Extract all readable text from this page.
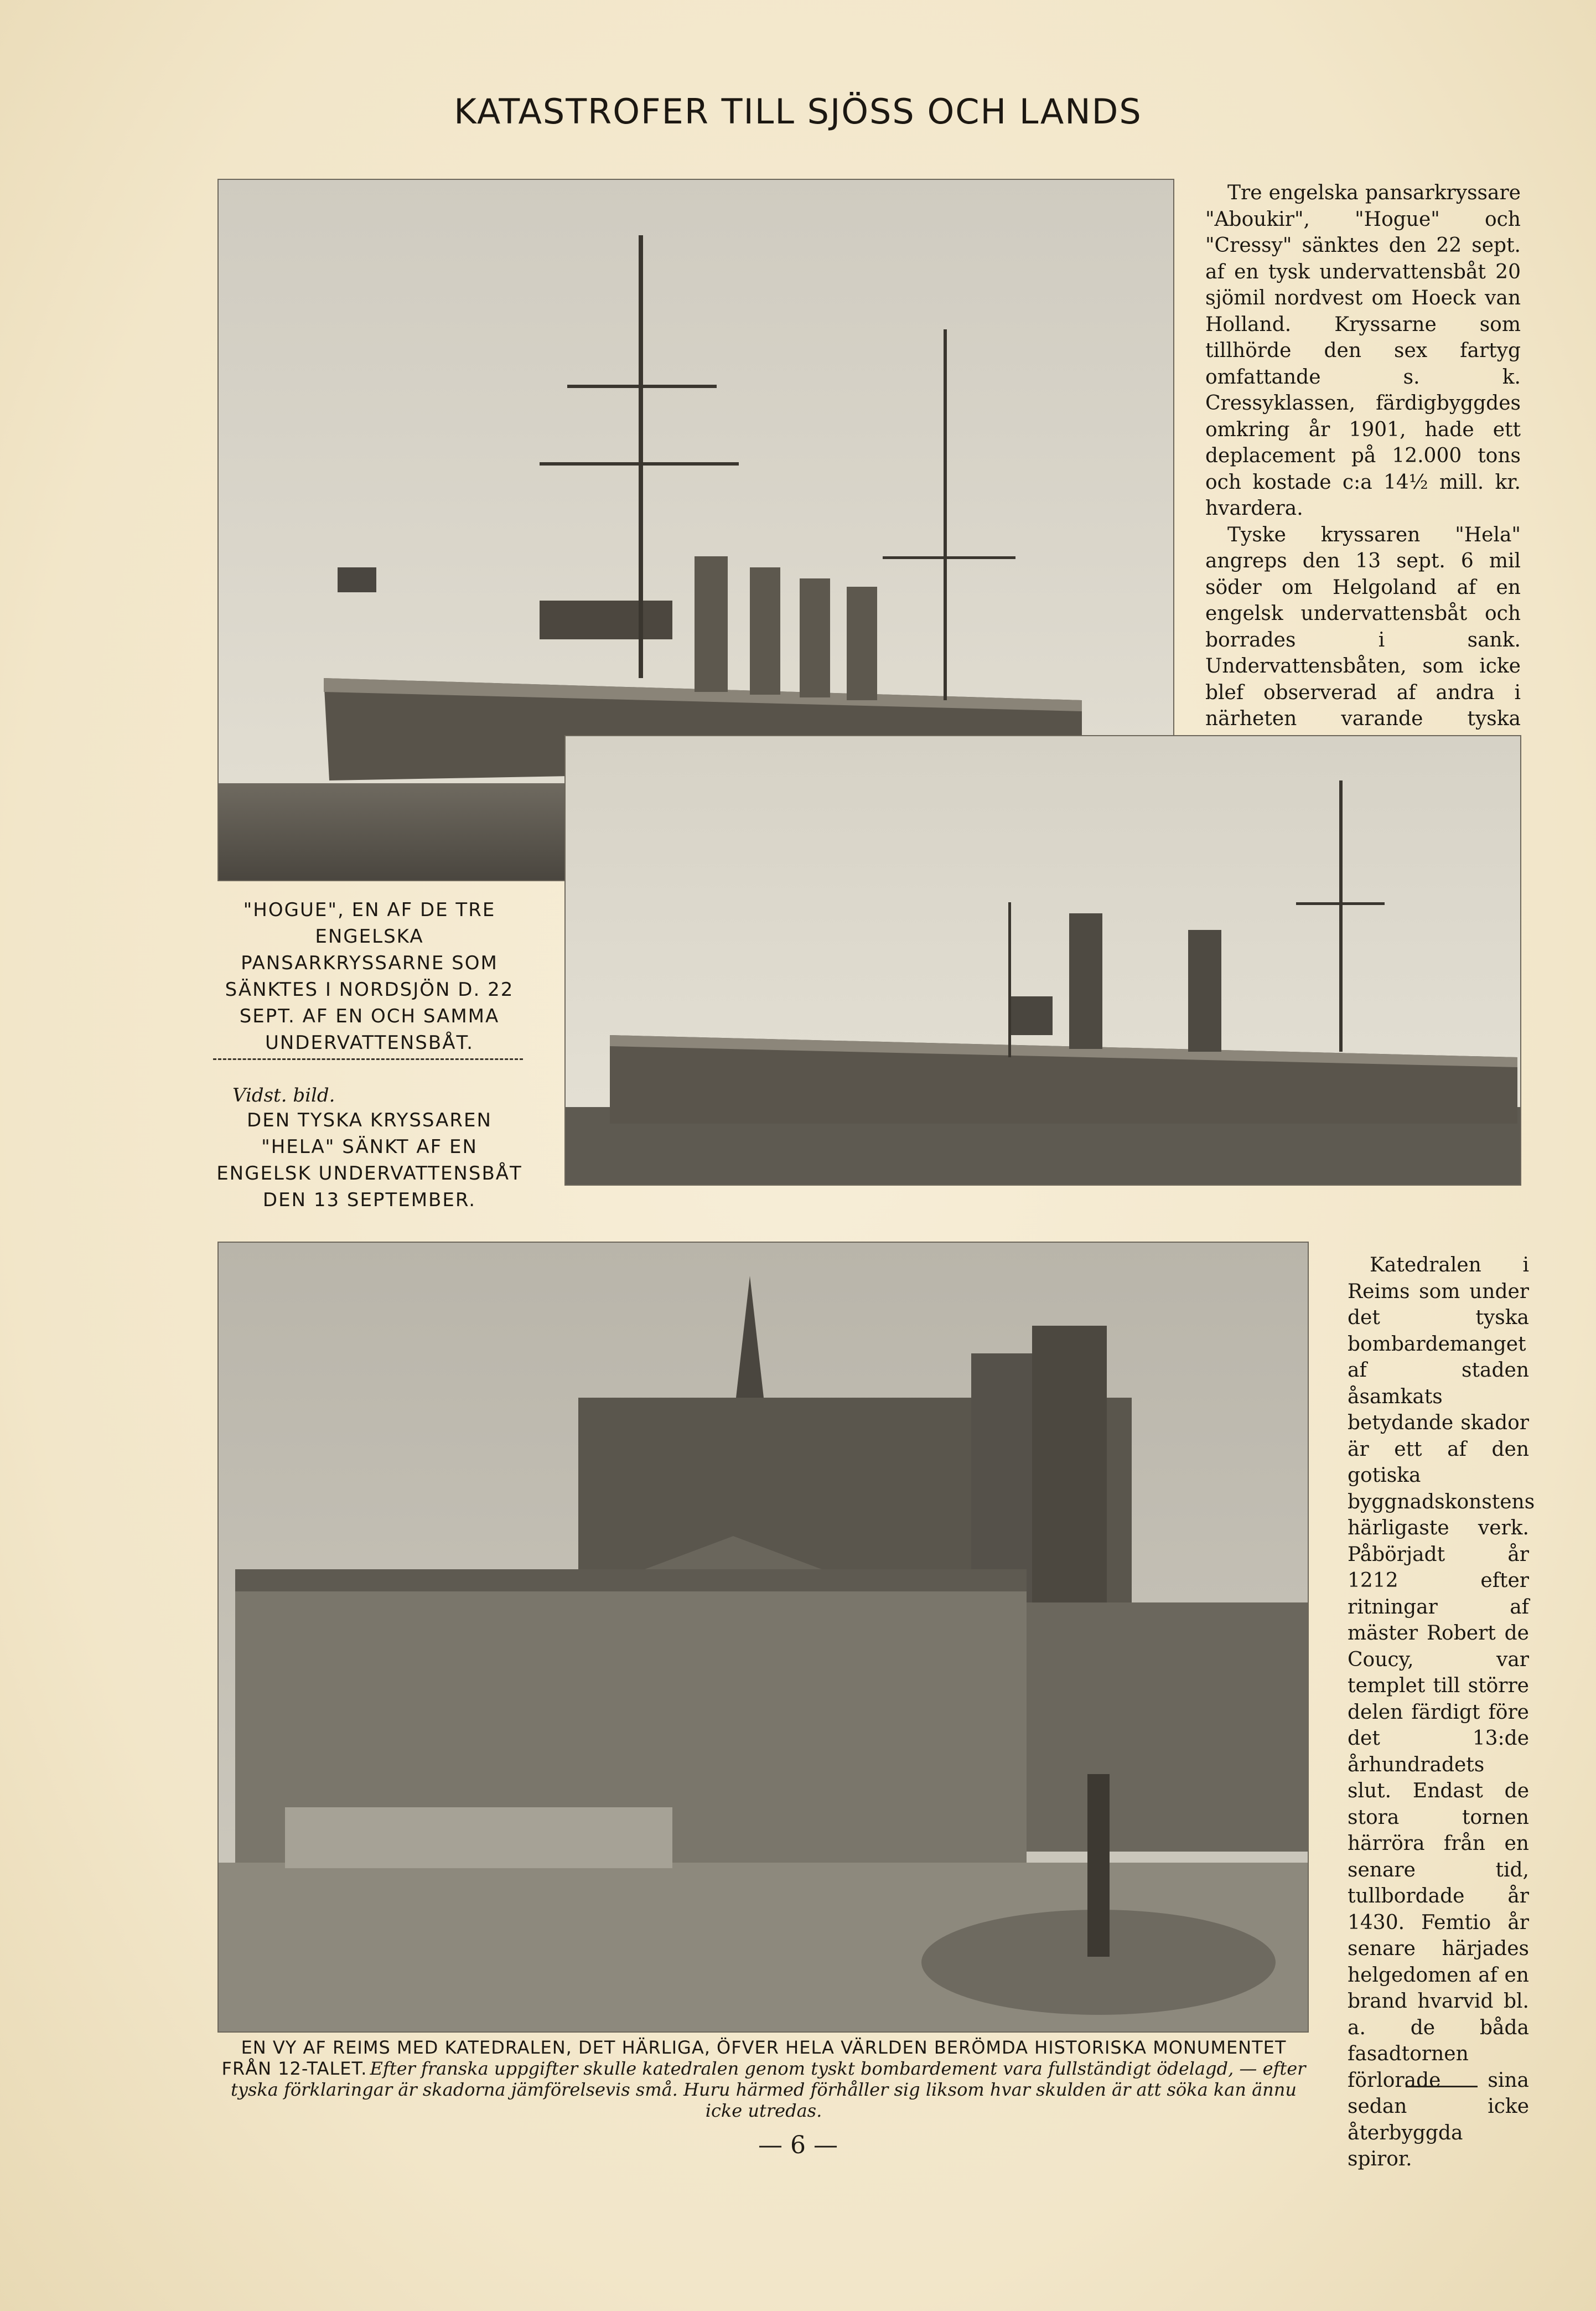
KATASTROFER TILL SJÖSS OCH LANDS

Tre engelska pansarkryssare "Aboukir", "Hogue" och "Cressy" sänktes den 22 sept. af en tysk undervattensbåt 20 sjömil nordvest om Hoeck van Holland. Kryssarne som tillhörde den sex fartyg omfattande s. k. Cressyklassen, färdigbyggdes omkring år 1901, hade ett deplacement på 12.000 tons och kostade c:a 14½ mill. kr. hvardera.

Tyske kryssaren "Hela" angreps den 13 sept. 6 mil söder om Helgoland af en engelsk undervattensbåt och borrades i sank. Undervattensbåten, som icke blef observerad af andra i närheten varande tyska

"HOGUE", EN AF DE TRE ENGELSKA PANSARKRYSSARNE SOM SÄNKTES I NORDSJÖN D. 22 SEPT. AF EN OCH SAMMA UNDERVATTENSBÅT.
Vidst. bild.
DEN TYSKA KRYSSAREN "HELA" SÄNKT AF EN ENGELSK UNDERVATTENSBÅT DEN 13 SEPTEMBER.

Katedralen i Reims som under det tyska bombardemanget af staden åsamkats betydande skador är ett af den gotiska byggnadskonstens härligaste verk. Påbörjadt år 1212 efter ritningar af mäster Robert de Coucy, var templet till större delen färdigt före det 13:de århundradets slut. Endast de stora tornen härröra från en senare tid, tullbordade år 1430. Femtio år senare härjades helgedomen af en brand hvarvid bl. a. de båda fasadtornen förlorade sina sedan icke återbyggda spiror.

EN VY AF REIMS MED KATEDRALEN, DET HÄRLIGA, ÖFVER HELA VÄRLDEN BERÖMDA HISTORISKA MONUMENTET FRÅN 12-TALET. Efter franska uppgifter skulle katedralen genom tyskt bombardement vara fullständigt ödelagd, — efter tyska förklaringar är skadorna jämförelsevis små. Huru härmed förhåller sig liksom hvar skulden är att söka kan ännu icke utredas.
— 6 —
